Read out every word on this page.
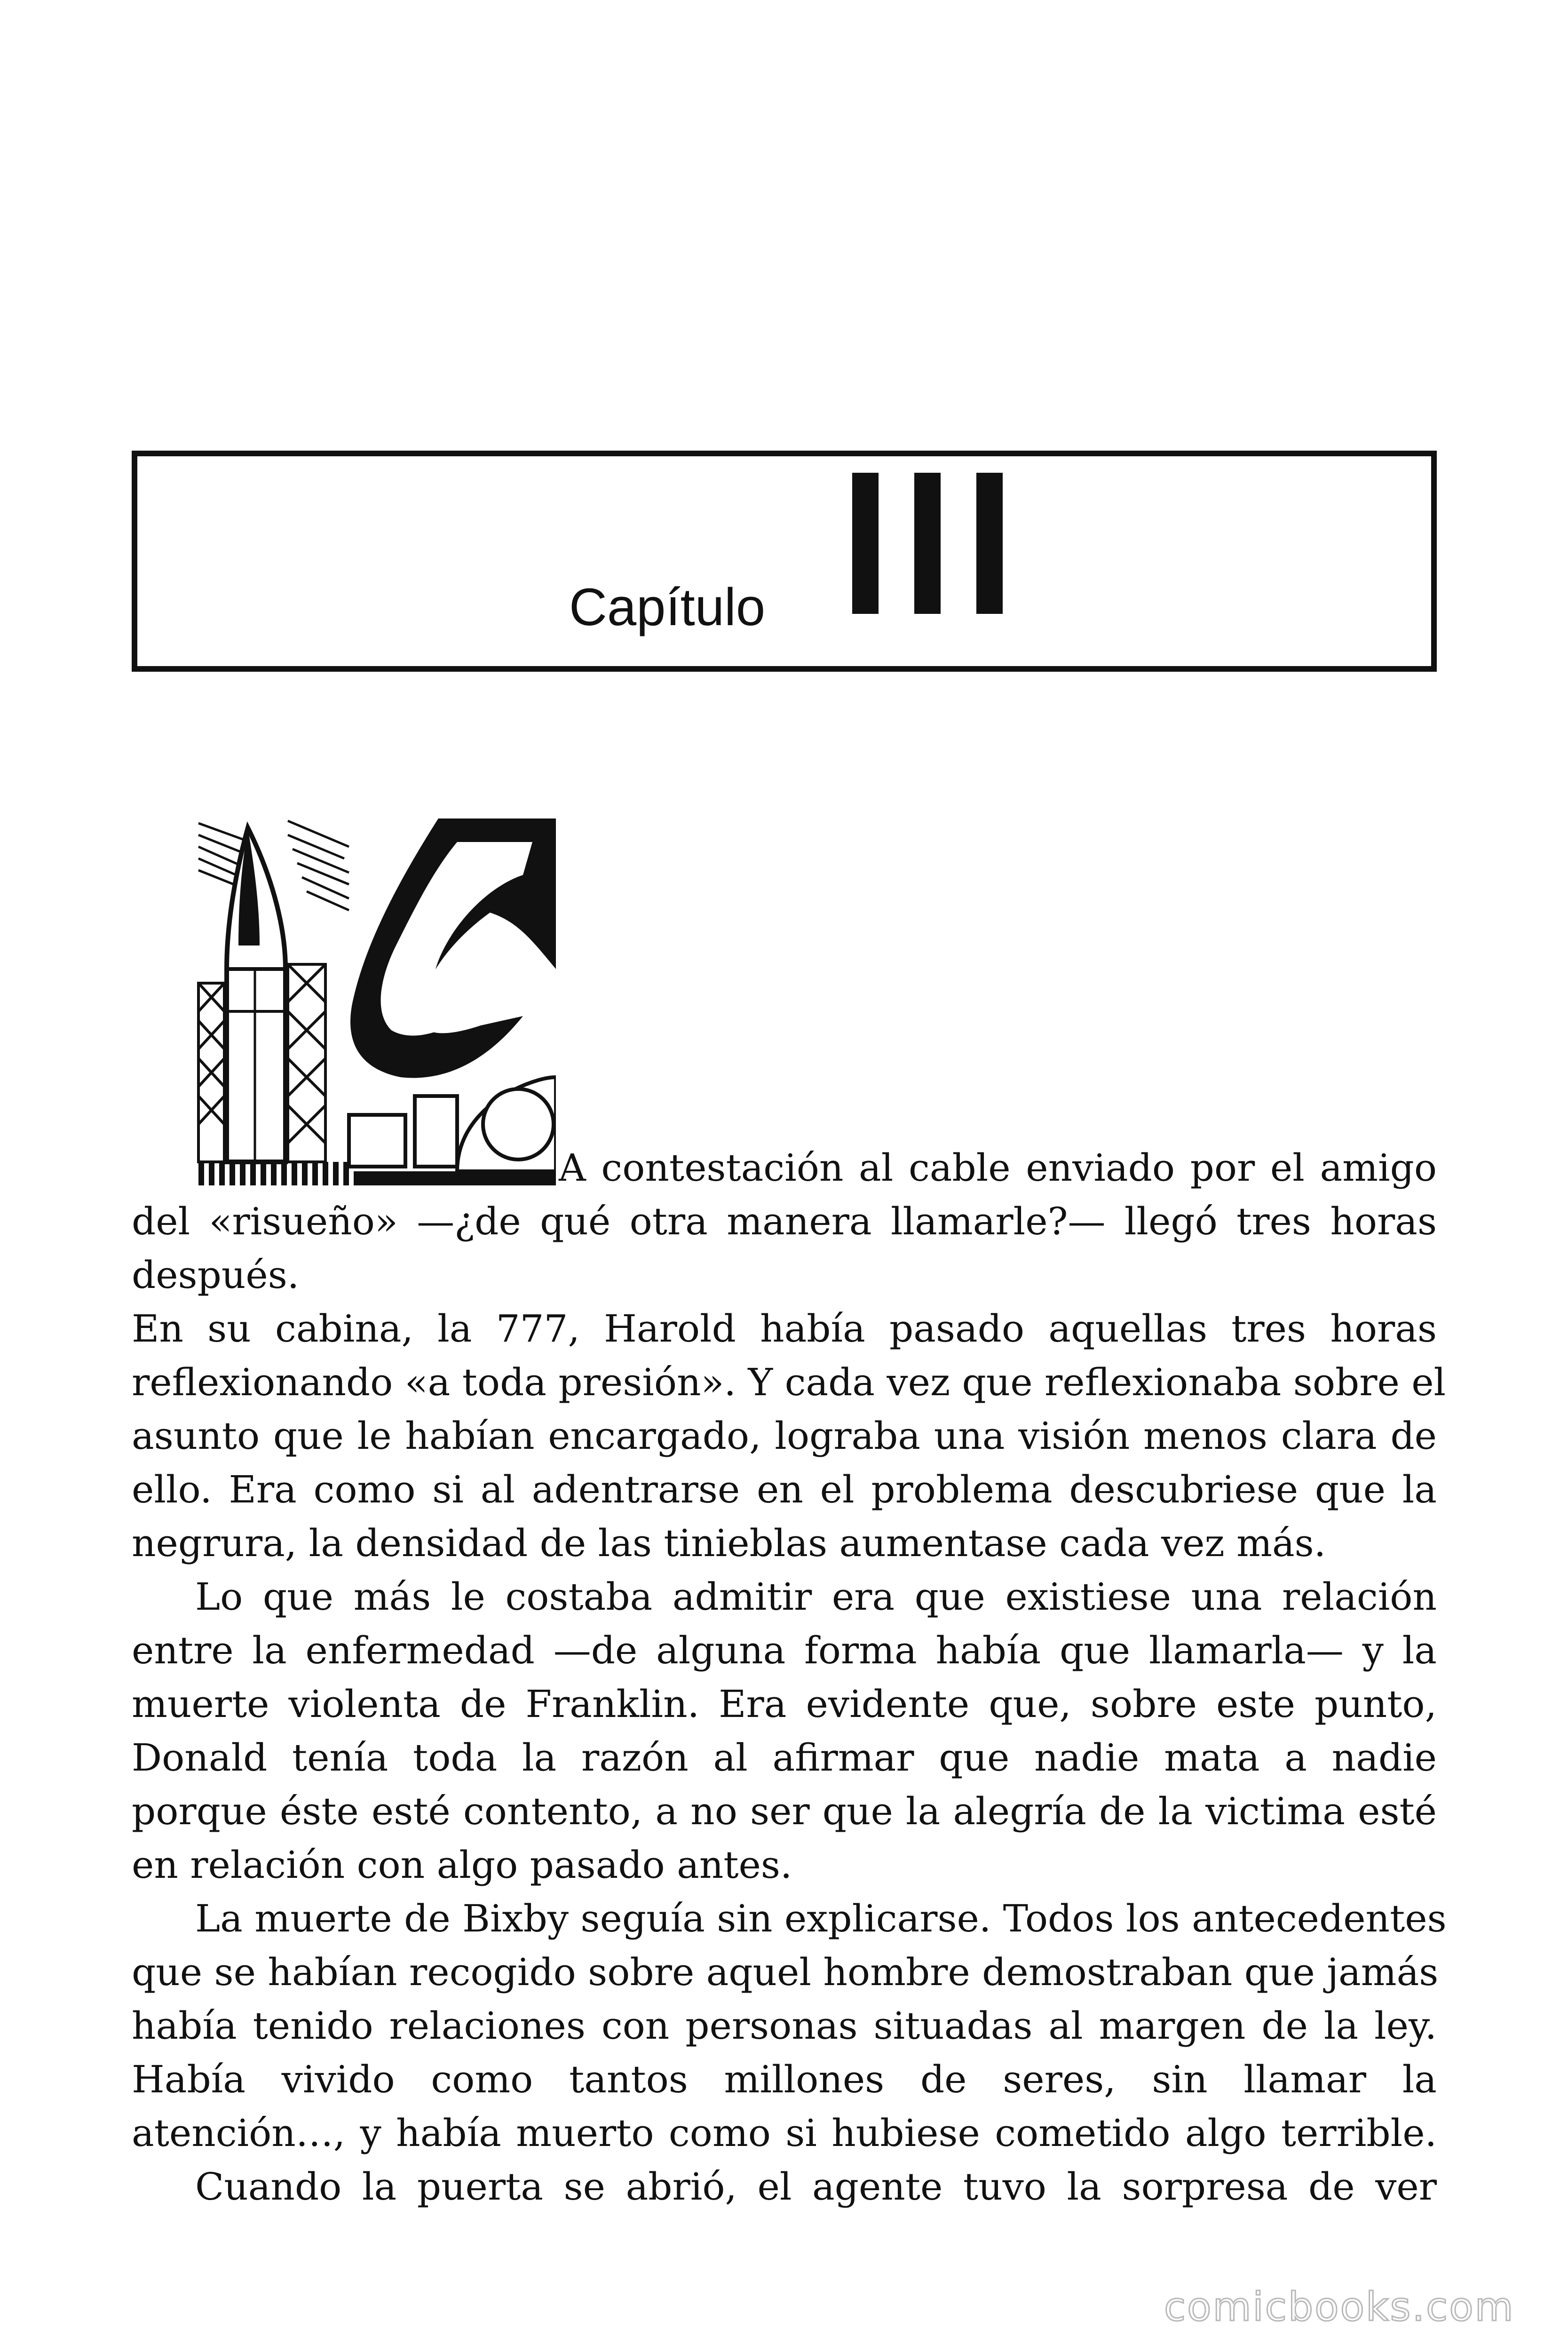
Capítulo
A contestación al cable enviado por el amigo
del «risueño» —¿de qué otra manera llamarle?— llegó tres horas
después.
En su cabina, la 777, Harold había pasado aquellas tres horas
reflexionando «a toda presión». Y cada vez que reflexionaba sobre el
asunto que le habían encargado, lograba una visión menos clara de
ello. Era como si al adentrarse en el problema descubriese que la
negrura, la densidad de las tinieblas aumentase cada vez más.
Lo que más le costaba admitir era que existiese una relación
entre la enfermedad —de alguna forma había que llamarla— y la
muerte violenta de Franklin. Era evidente que, sobre este punto,
Donald tenía toda la razón al afirmar que nadie mata a nadie
porque éste esté contento, a no ser que la alegría de la victima esté
en relación con algo pasado antes.
La muerte de Bixby seguía sin explicarse. Todos los antecedentes
que se habían recogido sobre aquel hombre demostraban que jamás
había tenido relaciones con personas situadas al margen de la ley.
Había vivido como tantos millones de seres, sin llamar la
atención…, y había muerto como si hubiese cometido algo terrible.
Cuando la puerta se abrió, el agente tuvo la sorpresa de ver
comicbooks.com
